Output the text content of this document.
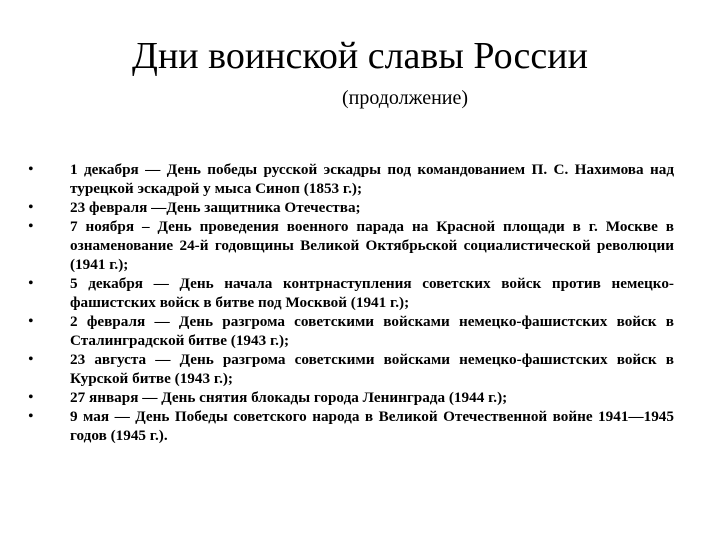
Дни воинской славы России

(продолжение)

•	1 декабря — День победы русской эскадры под командованием П. С. Нахимова над турецкой эскадрой у мыса Синоп (1853 г.);
•	23 февраля —День защитника Отечества;
•	7 ноября – День проведения военного парада на Красной площади в г. Москве в ознаменование 24-й годовщины Великой Октябрьской социалистической революции (1941 г.);
•	5 декабря — День начала контрнаступления советских войск против немецко-фашистских войск в битве под Москвой (1941 г.);
•	2 февраля — День разгрома советскими войсками немецко-фашистских войск в Сталинградской битве (1943 г.);
•	23 августа — День разгрома советскими войсками немецко-фашистских войск в Курской битве (1943 г.);
•	27 января — День снятия блокады города Ленинграда (1944 г.);
•	9 мая — День Победы советского народа в Великой Отечественной войне 1941—1945 годов (1945 г.).
